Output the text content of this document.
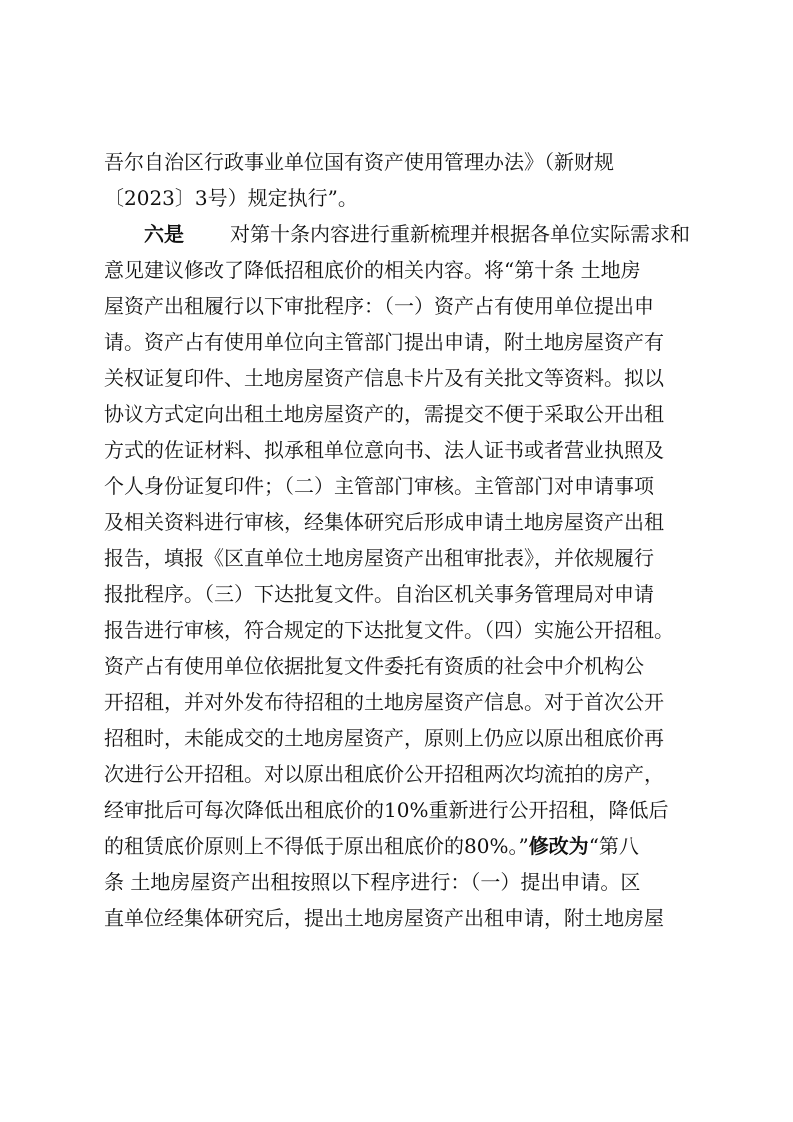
吾尔自治区行政事业单位国有资产使用管理办法》（新财规
〔2023〕3号）规定执行”。
六是 对第十条内容进行重新梳理并根据各单位实际需求和
意见建议修改了降低招租底价的相关内容。将“第十条 土地房
屋资产出租履行以下审批程序：（一）资产占有使用单位提出申
请。资产占有使用单位向主管部门提出申请，附土地房屋资产有
关权证复印件、土地房屋资产信息卡片及有关批文等资料。拟以
协议方式定向出租土地房屋资产的，需提交不便于采取公开出租
方式的佐证材料、拟承租单位意向书、法人证书或者营业执照及
个人身份证复印件；（二）主管部门审核。主管部门对申请事项
及相关资料进行审核，经集体研究后形成申请土地房屋资产出租
报告，填报《区直单位土地房屋资产出租审批表》，并依规履行
报批程序。（三）下达批复文件。自治区机关事务管理局对申请
报告进行审核，符合规定的下达批复文件。（四）实施公开招租。
资产占有使用单位依据批复文件委托有资质的社会中介机构公
开招租，并对外发布待招租的土地房屋资产信息。对于首次公开
招租时，未能成交的土地房屋资产，原则上仍应以原出租底价再
次进行公开招租。对以原出租底价公开招租两次均流拍的房产，
经审批后可每次降低出租底价的10%重新进行公开招租，降低后
的租赁底价原则上不得低于原出租底价的80%。” 修改为 “第八
条 土地房屋资产出租按照以下程序进行：（一）提出申请。区
直单位经集体研究后，提出土地房屋资产出租申请，附土地房屋
